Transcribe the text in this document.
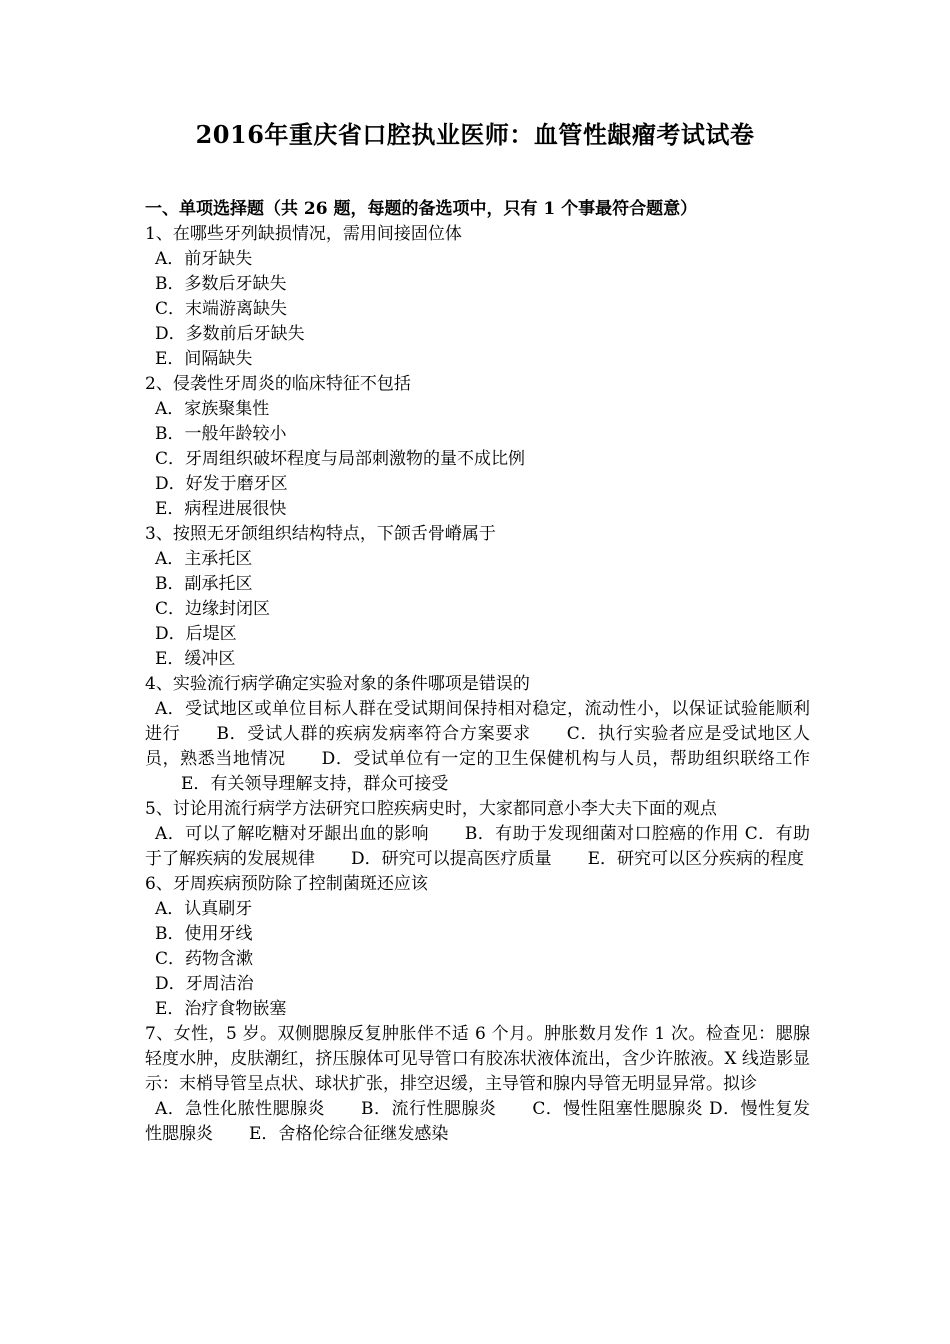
2016年重庆省口腔执业医师：血管性龈瘤考试试卷

一、单项选择题（共 26 题，每题的备选项中，只有 1 个事最符合题意）

1、在哪些牙列缺损情况，需用间接固位体

A．前牙缺失

B．多数后牙缺失

C．末端游离缺失

D．多数前后牙缺失

E．间隔缺失

2、侵袭性牙周炎的临床特征不包括

A．家族聚集性

B．一般年龄较小

C．牙周组织破坏程度与局部刺激物的量不成比例

D．好发于磨牙区

E．病程进展很快

3、按照无牙颌组织结构特点，下颌舌骨嵴属于

A．主承托区

B．副承托区

C．边缘封闭区

D．后堤区

E．缓冲区

4、实验流行病学确定实验对象的条件哪项是错误的

A．受试地区或单位目标人群在受试期间保持相对稳定，流动性小，以保证试验能顺利进行 B．受试人群的疾病发病率符合方案要求 C．执行实验者应是受试地区人员，熟悉当地情况 D．受试单位有一定的卫生保健机构与人员，帮助组织联络工作E．有关领导理解支持，群众可接受

5、讨论用流行病学方法研究口腔疾病史时，大家都同意小李大夫下面的观点

A．可以了解吃糖对牙龈出血的影响 B．有助于发现细菌对口腔癌的作用 C．有助于了解疾病的发展规律 D．研究可以提高医疗质量 E．研究可以区分疾病的程度

6、牙周疾病预防除了控制菌斑还应该

A．认真刷牙

B．使用牙线

C．药物含漱

D．牙周洁治

E．治疗食物嵌塞

7、女性，5 岁。双侧腮腺反复肿胀伴不适 6 个月。肿胀数月发作 1 次。检查见：腮腺轻度水肿，皮肤潮红，挤压腺体可见导管口有胶冻状液体流出，含少许脓液。X 线造影显示：末梢导管呈点状、球状扩张，排空迟缓，主导管和腺内导管无明显异常。拟诊

A．急性化脓性腮腺炎 B．流行性腮腺炎 C．慢性阻塞性腮腺炎 D．慢性复发性腮腺炎 E．舍格伦综合征继发感染
